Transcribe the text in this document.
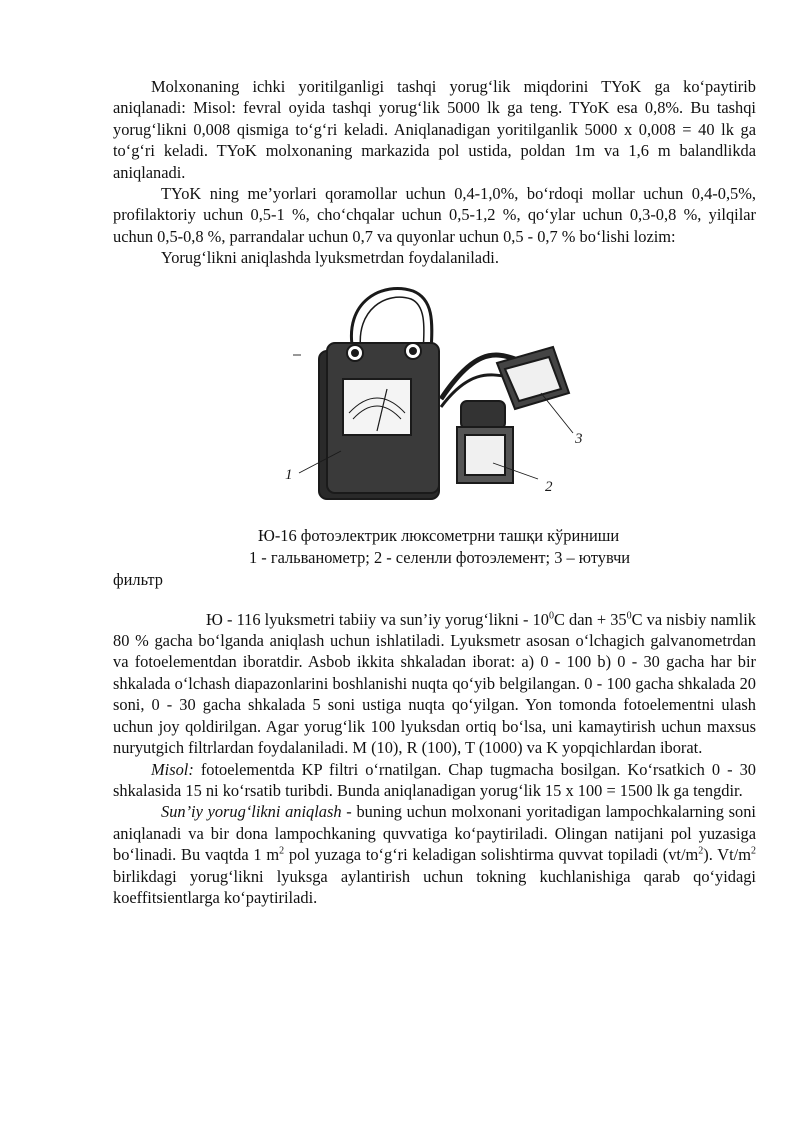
Molxonaning ichki yoritilganligi tashqi yorug‘lik miqdorini TYoK ga ko‘paytirib aniqlanadi: Misol: fevral oyida tashqi yorug‘lik 5000 lk ga teng. TYoK esa 0,8%. Bu tashqi yorug‘likni 0,008 qismiga to‘g‘ri keladi. Aniqlanadigan yoritilganlik 5000 x 0,008 = 40 lk ga to‘g‘ri keladi. TYoK molxonaning markazida pol ustida, poldan 1m va 1,6 m balandlikda aniqlanadi.

TYoK ning me’yorlari qoramollar uchun 0,4-1,0%, bo‘rdoqi mollar uchun 0,4-0,5%, profilaktoriy uchun 0,5-1 %, cho‘chqalar uchun 0,5-1,2 %, qo‘ylar uchun 0,3-0,8 %, yilqilar uchun 0,5-0,8 %, parrandalar uchun 0,7 va quyonlar uchun 0,5 - 0,7 % bo‘lishi lozim:

Yorug‘likni aniqlashda lyuksmetrdan foydalaniladi.

1
3
2

Ю-16 фотоэлектрик люксометрни ташқи кўриниши

1 - гальванометр; 2 - селенли фотоэлемент; 3 – ютувчи

фильтр

Ю - 116 lyuksmetri tabiiy va sun’iy yorug‘likni - $10^0C$ dan + $35^0C$ va nisbiy namlik 80 % gacha bo‘lganda aniqlash uchun ishlatiladi. Lyuksmetr asosan o‘lchagich galvanometrdan va fotoelementdan iboratdir. Asbob ikkita shkaladan iborat: a) 0 - 100 b) 0 - 30 gacha har bir shkalada o‘lchash diapazonlarini boshlanishi nuqta qo‘yib belgilangan. 0 - 100 gacha shkalada 20 soni, 0 - 30 gacha shkalada 5 soni ustiga nuqta qo‘yilgan. Yon tomonda fotoelementni ulash uchun joy qoldirilgan. Agar yorug‘lik 100 lyuksdan ortiq bo‘lsa, uni kamaytirish uchun maxsus nuryutgich filtrlardan foydalaniladi. M (10), R (100), T (1000) va K yopqichlardan iborat.

Misol: fotoelementda KP filtri o‘rnatilgan. Chap tugmacha bosilgan. Ko‘rsatkich 0 - 30 shkalasida 15 ni ko‘rsatib turibdi. Bunda aniqlanadigan yorug‘lik 15 x 100 = 1500 lk ga tengdir.

Sun’iy yorug‘likni aniqlash - buning uchun molxonani yoritadigan lampochkalarning soni aniqlanadi va bir dona lampochkaning quvvatiga ko‘paytiriladi. Olingan natijani pol yuzasiga bo‘linadi. Bu vaqtda 1 $m^2$ pol yuzaga to‘g‘ri keladigan solishtirma quvvat topiladi $(vt/m^2)$. $Vt/m^2$ birlikdagi yorug‘likni lyuksga aylantirish uchun tokning kuchlanishiga qarab qo‘yidagi koeffitsientlarga ko‘paytiriladi.
